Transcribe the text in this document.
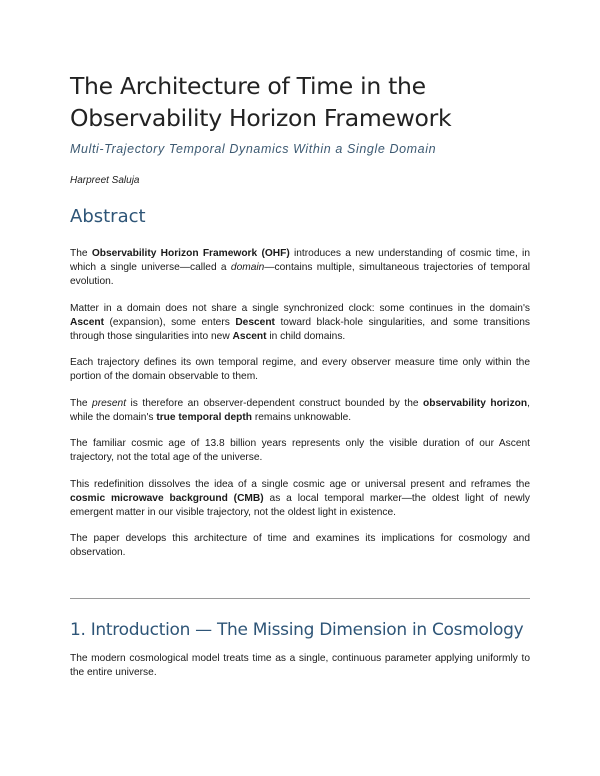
The Architecture of Time in the Observability Horizon Framework

Multi-Trajectory Temporal Dynamics Within a Single Domain

Harpreet Saluja

Abstract

The Observability Horizon Framework (OHF) introduces a new understanding of cosmic time, in which a single universe—called a domain—contains multiple, simultaneous trajectories of temporal evolution.

Matter in a domain does not share a single synchronized clock: some continues in the domain's Ascent (expansion), some enters Descent toward black-hole singularities, and some transitions through those singularities into new Ascent in child domains.

Each trajectory defines its own temporal regime, and every observer measure time only within the portion of the domain observable to them.

The present is therefore an observer-dependent construct bounded by the observability horizon, while the domain's true temporal depth remains unknowable.

The familiar cosmic age of 13.8 billion years represents only the visible duration of our Ascent trajectory, not the total age of the universe.

This redefinition dissolves the idea of a single cosmic age or universal present and reframes the cosmic microwave background (CMB) as a local temporal marker—the oldest light of newly emergent matter in our visible trajectory, not the oldest light in existence.

The paper develops this architecture of time and examines its implications for cosmology and observation.

1. Introduction — The Missing Dimension in Cosmology

The modern cosmological model treats time as a single, continuous parameter applying uniformly to the entire universe.
